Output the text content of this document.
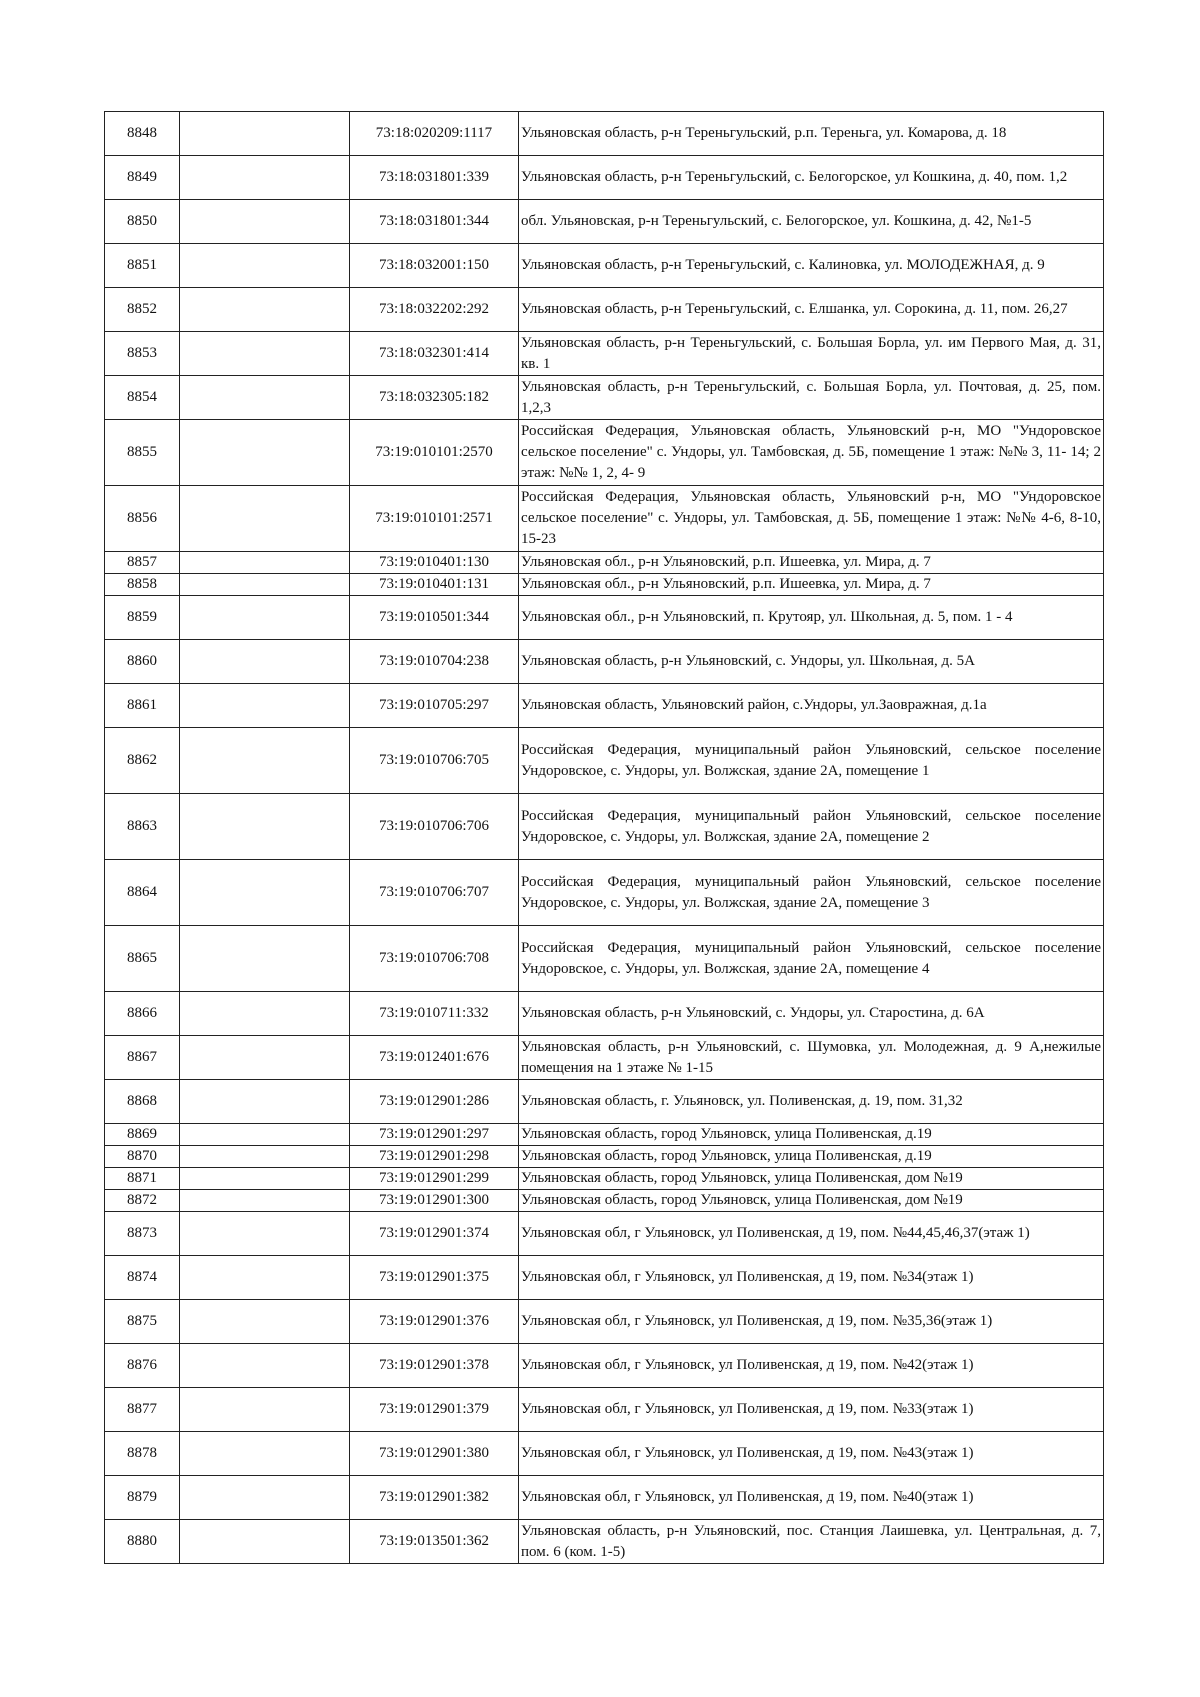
8848		73:18:020209:1117	Ульяновская область, р-н Тереньгульский, р.п. Тереньга, ул. Комарова, д. 18
8849		73:18:031801:339	Ульяновская область, р-н Тереньгульский, с. Белогорское, ул Кошкина, д. 40, пом. 1,2
8850		73:18:031801:344	обл. Ульяновская, р-н Тереньгульский, с. Белогорское, ул. Кошкина, д. 42, №1-5
8851		73:18:032001:150	Ульяновская область, р-н Тереньгульский, с. Калиновка, ул. МОЛОДЕЖНАЯ, д. 9
8852		73:18:032202:292	Ульяновская область, р-н Тереньгульский, с. Елшанка, ул. Сорокина, д. 11, пом. 26,27
8853		73:18:032301:414	Ульяновская область, р-н Тереньгульский, с. Большая Борла, ул. им Первого Мая, д. 31, кв. 1
8854		73:18:032305:182	Ульяновская область, р-н Тереньгульский, с. Большая Борла, ул. Почтовая, д. 25, пом. 1,2,3
8855		73:19:010101:2570	Российская Федерация, Ульяновская область, Ульяновский р-н, МО "Ундоровское сельское поселение" с. Ундоры, ул. Тамбовская, д. 5Б, помещение 1 этаж: №№ 3, 11- 14; 2 этаж: №№ 1, 2, 4- 9
8856		73:19:010101:2571	Российская Федерация, Ульяновская область, Ульяновский р-н, МО "Ундоровское сельское поселение" с. Ундоры, ул. Тамбовская, д. 5Б, помещение 1 этаж: №№ 4-6, 8-10, 15-23
8857		73:19:010401:130	Ульяновская обл., р-н Ульяновский, р.п. Ишеевка, ул. Мира, д. 7
8858		73:19:010401:131	Ульяновская обл., р-н Ульяновский, р.п. Ишеевка, ул. Мира, д. 7
8859		73:19:010501:344	Ульяновская обл., р-н Ульяновский, п. Крутояр, ул. Школьная, д. 5, пом. 1 - 4
8860		73:19:010704:238	Ульяновская область, р-н Ульяновский, с. Ундоры, ул. Школьная, д. 5А
8861		73:19:010705:297	Ульяновская область, Ульяновский район, с.Ундоры, ул.Заовражная, д.1а
8862		73:19:010706:705	Российская Федерация, муниципальный район Ульяновский, сельское поселение Ундоровское, с. Ундоры, ул. Волжская, здание 2А, помещение 1
8863		73:19:010706:706	Российская Федерация, муниципальный район Ульяновский, сельское поселение Ундоровское, с. Ундоры, ул. Волжская, здание 2А, помещение 2
8864		73:19:010706:707	Российская Федерация, муниципальный район Ульяновский, сельское поселение Ундоровское, с. Ундоры, ул. Волжская, здание 2А, помещение 3
8865		73:19:010706:708	Российская Федерация, муниципальный район Ульяновский, сельское поселение Ундоровское, с. Ундоры, ул. Волжская, здание 2А, помещение 4
8866		73:19:010711:332	Ульяновская область, р-н Ульяновский, с. Ундоры, ул. Старостина, д. 6А
8867		73:19:012401:676	Ульяновская область, р-н Ульяновский, с. Шумовка, ул. Молодежная, д. 9 А,нежилые помещения на 1 этаже № 1-15
8868		73:19:012901:286	Ульяновская область, г. Ульяновск, ул. Поливенская, д. 19, пом. 31,32
8869		73:19:012901:297	Ульяновская область, город Ульяновск, улица Поливенская, д.19
8870		73:19:012901:298	Ульяновская область, город Ульяновск, улица Поливенская, д.19
8871		73:19:012901:299	Ульяновская область, город Ульяновск, улица Поливенская, дом №19
8872		73:19:012901:300	Ульяновская область, город Ульяновск, улица Поливенская, дом №19
8873		73:19:012901:374	Ульяновская обл, г Ульяновск, ул Поливенская, д 19, пом. №44,45,46,37(этаж 1)
8874		73:19:012901:375	Ульяновская обл, г Ульяновск, ул Поливенская, д 19, пом. №34(этаж 1)
8875		73:19:012901:376	Ульяновская обл, г Ульяновск, ул Поливенская, д 19, пом. №35,36(этаж 1)
8876		73:19:012901:378	Ульяновская обл, г Ульяновск, ул Поливенская, д 19, пом. №42(этаж 1)
8877		73:19:012901:379	Ульяновская обл, г Ульяновск, ул Поливенская, д 19, пом. №33(этаж 1)
8878		73:19:012901:380	Ульяновская обл, г Ульяновск, ул Поливенская, д 19, пом. №43(этаж 1)
8879		73:19:012901:382	Ульяновская обл, г Ульяновск, ул Поливенская, д 19, пом. №40(этаж 1)
8880		73:19:013501:362	Ульяновская область, р-н Ульяновский, пос. Станция Лаишевка, ул. Центральная, д. 7, пом. 6 (ком. 1-5)
